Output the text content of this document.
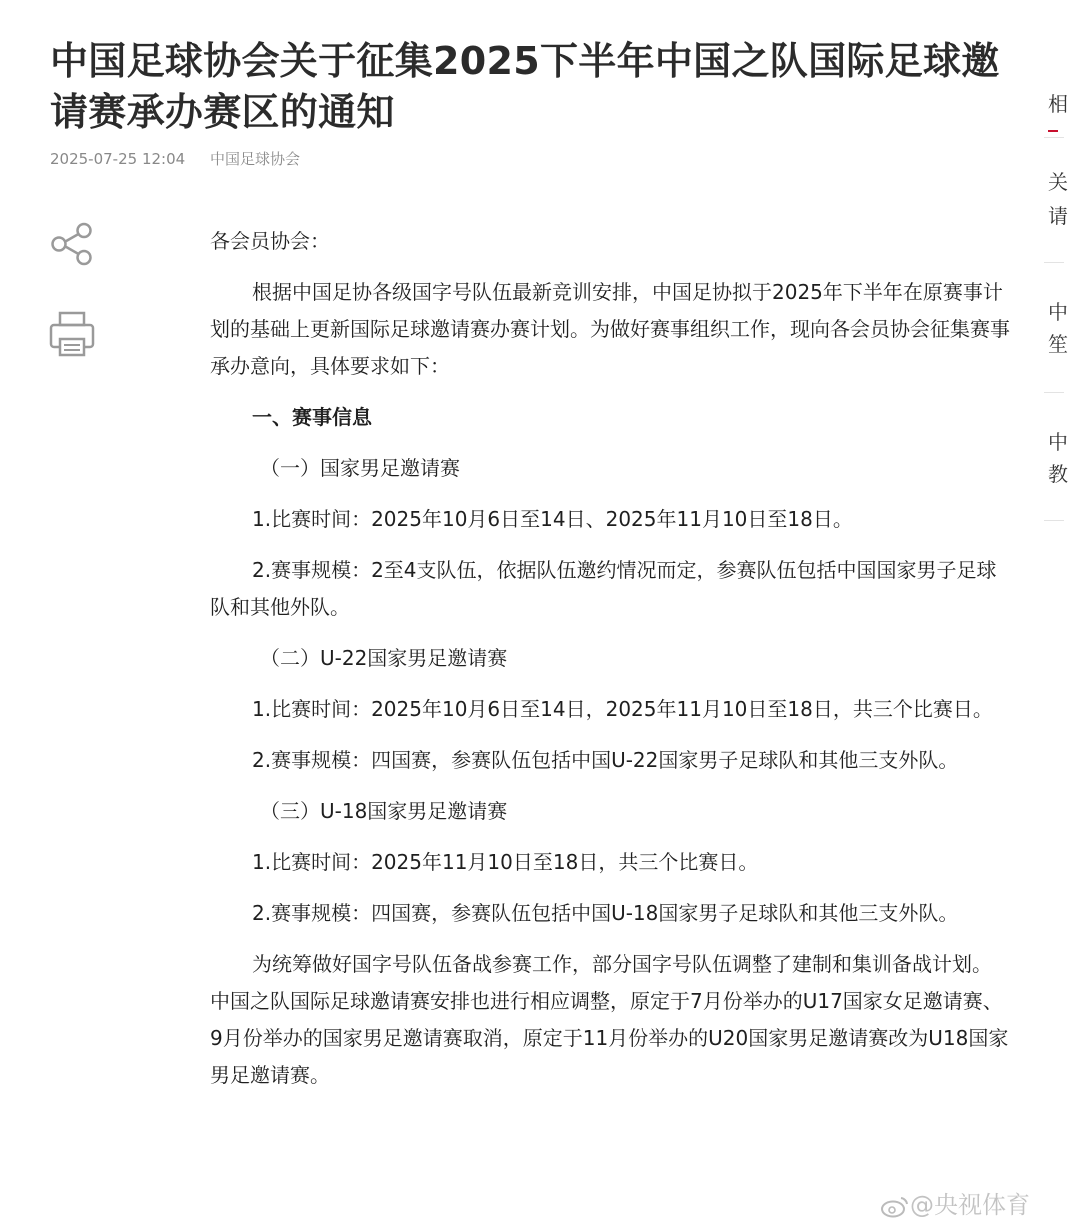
中国足球协会关于征集2025下半年中国之队国际足球邀请赛承办赛区的通知
2025-07-25 12:04 中国足球协会

各会员协会：

根据中国足协各级国字号队伍最新竞训安排，中国足协拟于2025年下半年在原赛事计划的基础上更新国际足球邀请赛办赛计划。为做好赛事组织工作，现向各会员协会征集赛事承办意向，具体要求如下：

一、赛事信息

（一）国家男足邀请赛

1.比赛时间：2025年10月6日至14日、2025年11月10日至18日。

2.赛事规模：2至4支队伍，依据队伍邀约情况而定，参赛队伍包括中国国家男子足球队和其他外队。

（二）U-22国家男足邀请赛

1.比赛时间：2025年10月6日至14日，2025年11月10日至18日，共三个比赛日。

2.赛事规模：四国赛，参赛队伍包括中国U-22国家男子足球队和其他三支外队。

（三）U-18国家男足邀请赛

1.比赛时间：2025年11月10日至18日，共三个比赛日。

2.赛事规模：四国赛，参赛队伍包括中国U-18国家男子足球队和其他三支外队。

为统筹做好国字号队伍备战参赛工作，部分国字号队伍调整了建制和集训备战计划。中国之队国际足球邀请赛安排也进行相应调整，原定于7月份举办的U17国家女足邀请赛、9月份举办的国家男足邀请赛取消，原定于11月份举办的U20国家男足邀请赛改为U18国家男足邀请赛。

相
关
请
中
笙
中
教
@央视体育
